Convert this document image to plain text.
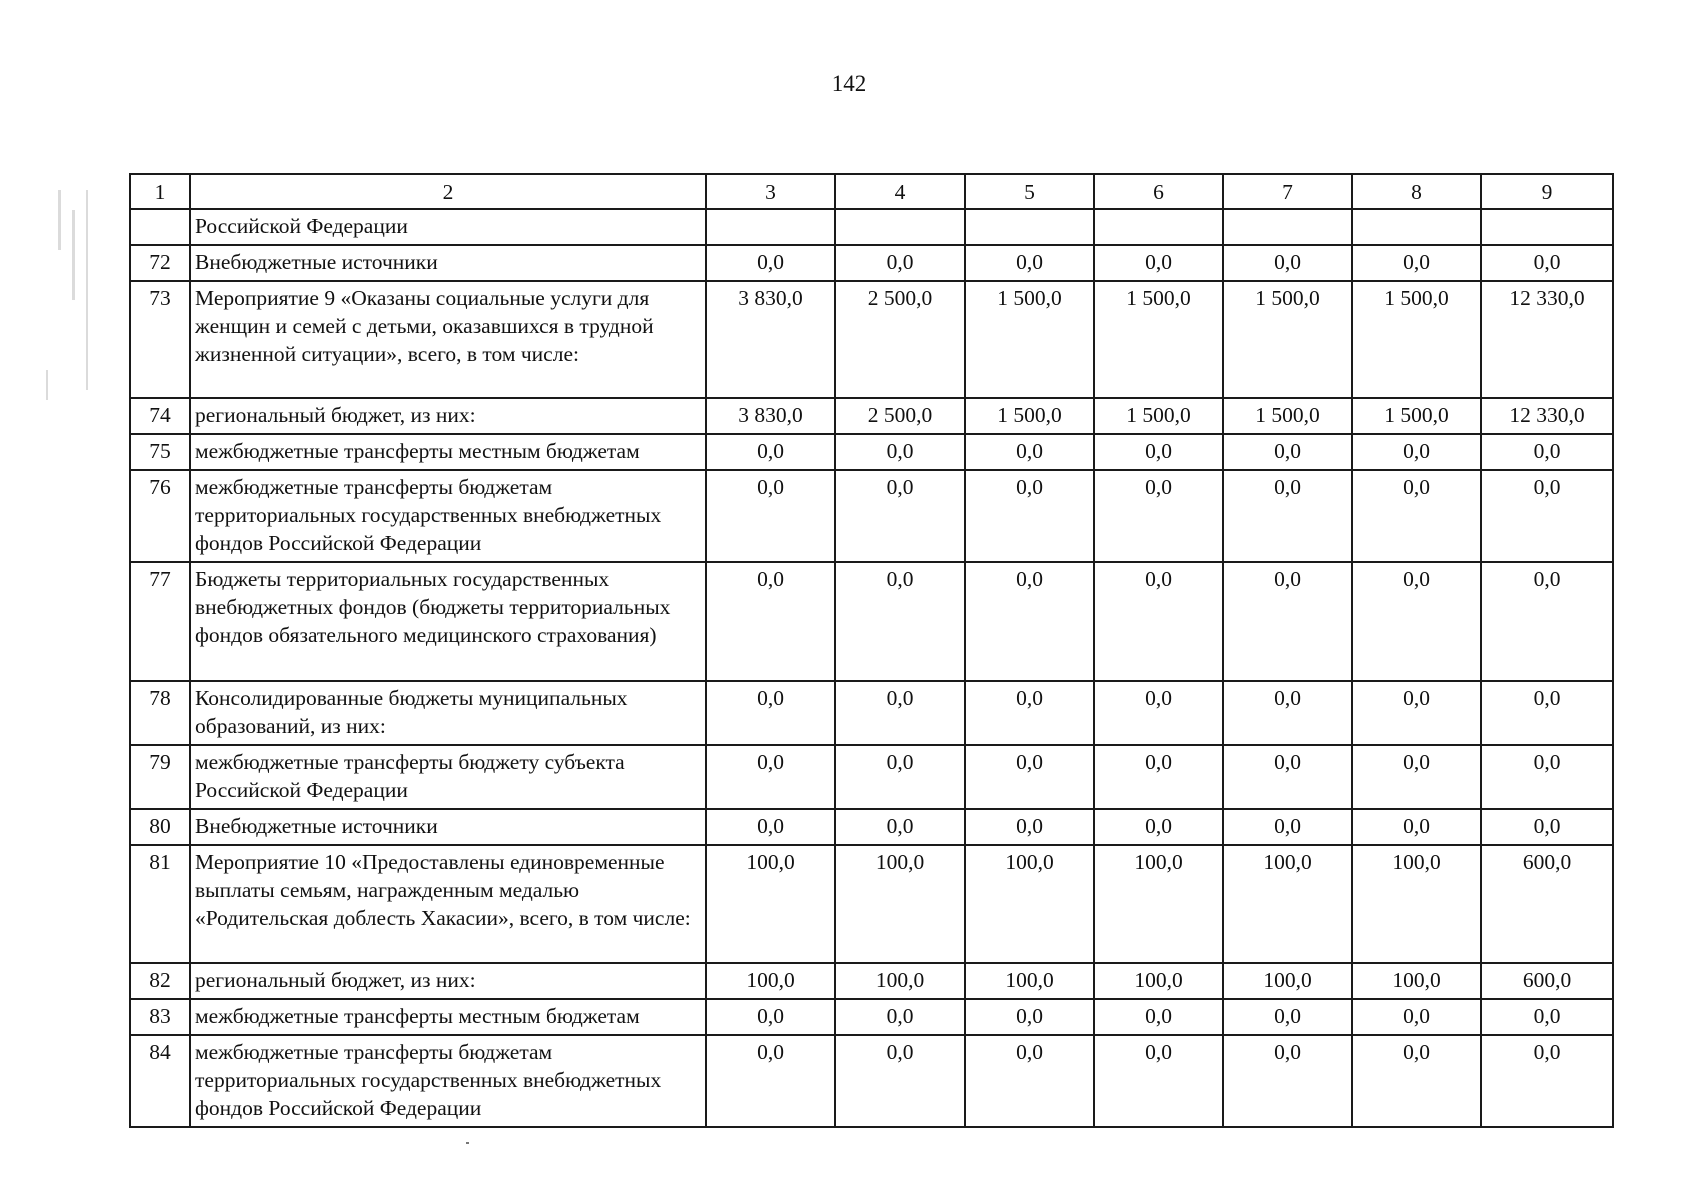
142
1	2	3	4	5	6	7	8	9
	Российской Федерации							
72	Внебюджетные источники	0,0	0,0	0,0	0,0	0,0	0,0	0,0
73	Мероприятие 9 «Оказаны социальные услуги для женщин и семей с детьми, оказавшихся в трудной жизненной ситуации», всего, в том числе:	3 830,0	2 500,0	1 500,0	1 500,0	1 500,0	1 500,0	12 330,0
74	региональный бюджет, из них:	3 830,0	2 500,0	1 500,0	1 500,0	1 500,0	1 500,0	12 330,0
75	межбюджетные трансферты местным бюджетам	0,0	0,0	0,0	0,0	0,0	0,0	0,0
76	межбюджетные трансферты бюджетам территориальных государственных внебюджетных фондов Российской Федерации	0,0	0,0	0,0	0,0	0,0	0,0	0,0
77	Бюджеты территориальных государственных внебюджетных фондов (бюджеты территориальных фондов обязательного медицинского страхования)	0,0	0,0	0,0	0,0	0,0	0,0	0,0
78	Консолидированные бюджеты муниципальных образований, из них:	0,0	0,0	0,0	0,0	0,0	0,0	0,0
79	межбюджетные трансферты бюджету субъекта Российской Федерации	0,0	0,0	0,0	0,0	0,0	0,0	0,0
80	Внебюджетные источники	0,0	0,0	0,0	0,0	0,0	0,0	0,0
81	Мероприятие 10 «Предоставлены единовременные выплаты семьям, награжденным медалью «Родительская доблесть Хакасии», всего, в том числе:	100,0	100,0	100,0	100,0	100,0	100,0	600,0
82	региональный бюджет, из них:	100,0	100,0	100,0	100,0	100,0	100,0	600,0
83	межбюджетные трансферты местным бюджетам	0,0	0,0	0,0	0,0	0,0	0,0	0,0
84	межбюджетные трансферты бюджетам территориальных государственных внебюджетных фондов Российской Федерации	0,0	0,0	0,0	0,0	0,0	0,0	0,0
